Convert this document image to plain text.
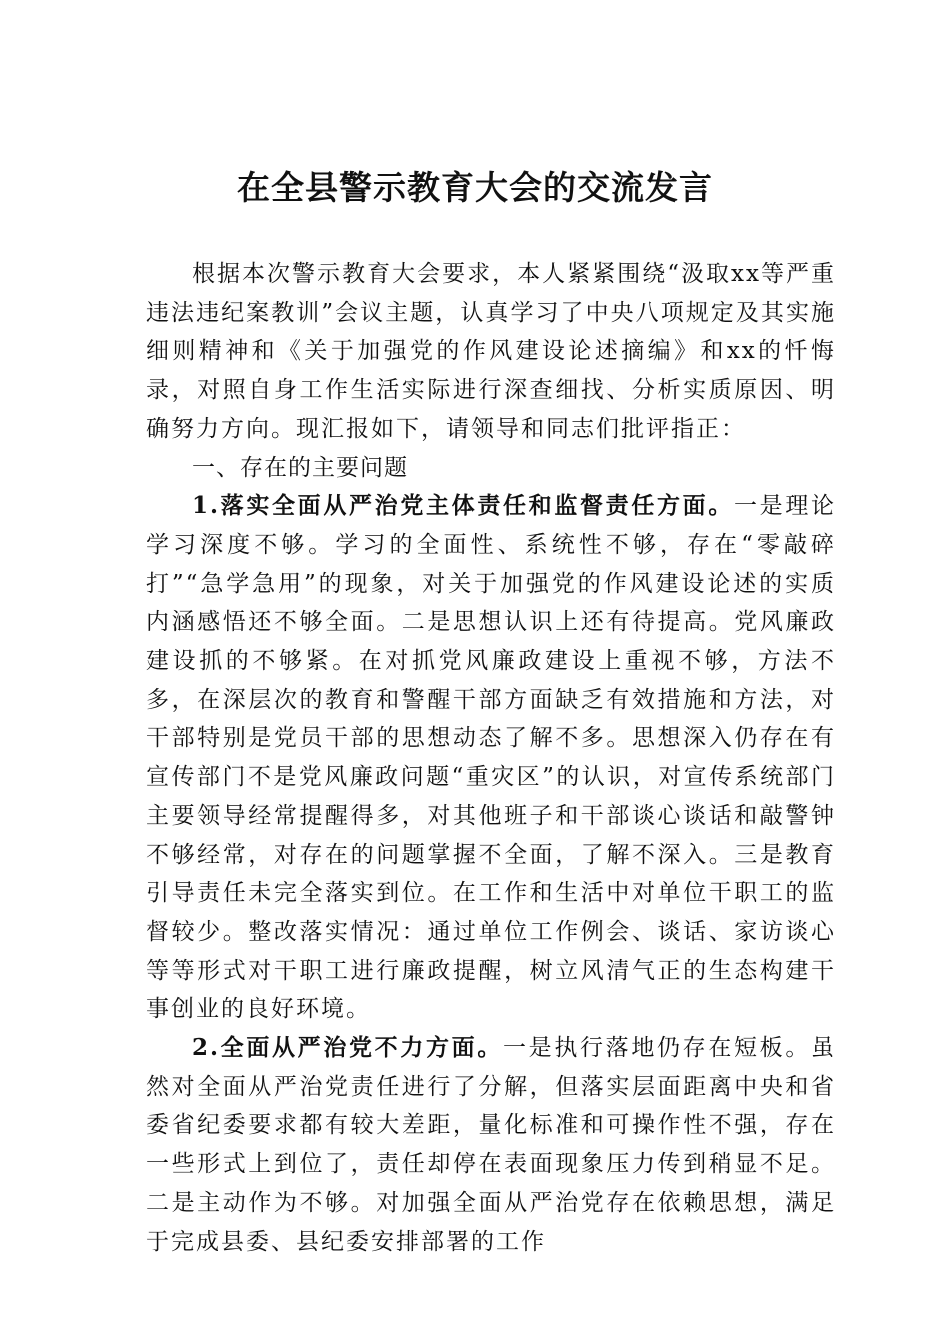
在全县警示教育大会的交流发言

根据本次警示教育大会要求，本人紧紧围绕“汲取xx等严重违法违纪案教训”会议主题，认真学习了中央八项规定及其实施细则精神和《关于加强党的作风建设论述摘编》和xx的忏悔录，对照自身工作生活实际进行深查细找、分析实质原因、明确努力方向。现汇报如下，请领导和同志们批评指正：

一、存在的主要问题

1.落实全面从严治党主体责任和监督责任方面。一是理论学习深度不够。学习的全面性、系统性不够，存在“零敲碎打”“急学急用”的现象，对关于加强党的作风建设论述的实质内涵感悟还不够全面。二是思想认识上还有待提高。党风廉政建设抓的不够紧。在对抓党风廉政建设上重视不够，方法不多，在深层次的教育和警醒干部方面缺乏有效措施和方法，对干部特别是党员干部的思想动态了解不多。思想深入仍存在有宣传部门不是党风廉政问题“重灾区”的认识，对宣传系统部门主要领导经常提醒得多，对其他班子和干部谈心谈话和敲警钟不够经常，对存在的问题掌握不全面，了解不深入。三是教育引导责任未完全落实到位。在工作和生活中对单位干职工的监督较少。整改落实情况：通过单位工作例会、谈话、家访谈心等等形式对干职工进行廉政提醒，树立风清气正的生态构建干事创业的良好环境。

2.全面从严治党不力方面。一是执行落地仍存在短板。虽然对全面从严治党责任进行了分解，但落实层面距离中央和省委省纪委要求都有较大差距，量化标准和可操作性不强，存在一些形式上到位了，责任却停在表面现象压力传到稍显不足。二是主动作为不够。对加强全面从严治党存在依赖思想，满足于完成县委、县纪委安排部署的工作
